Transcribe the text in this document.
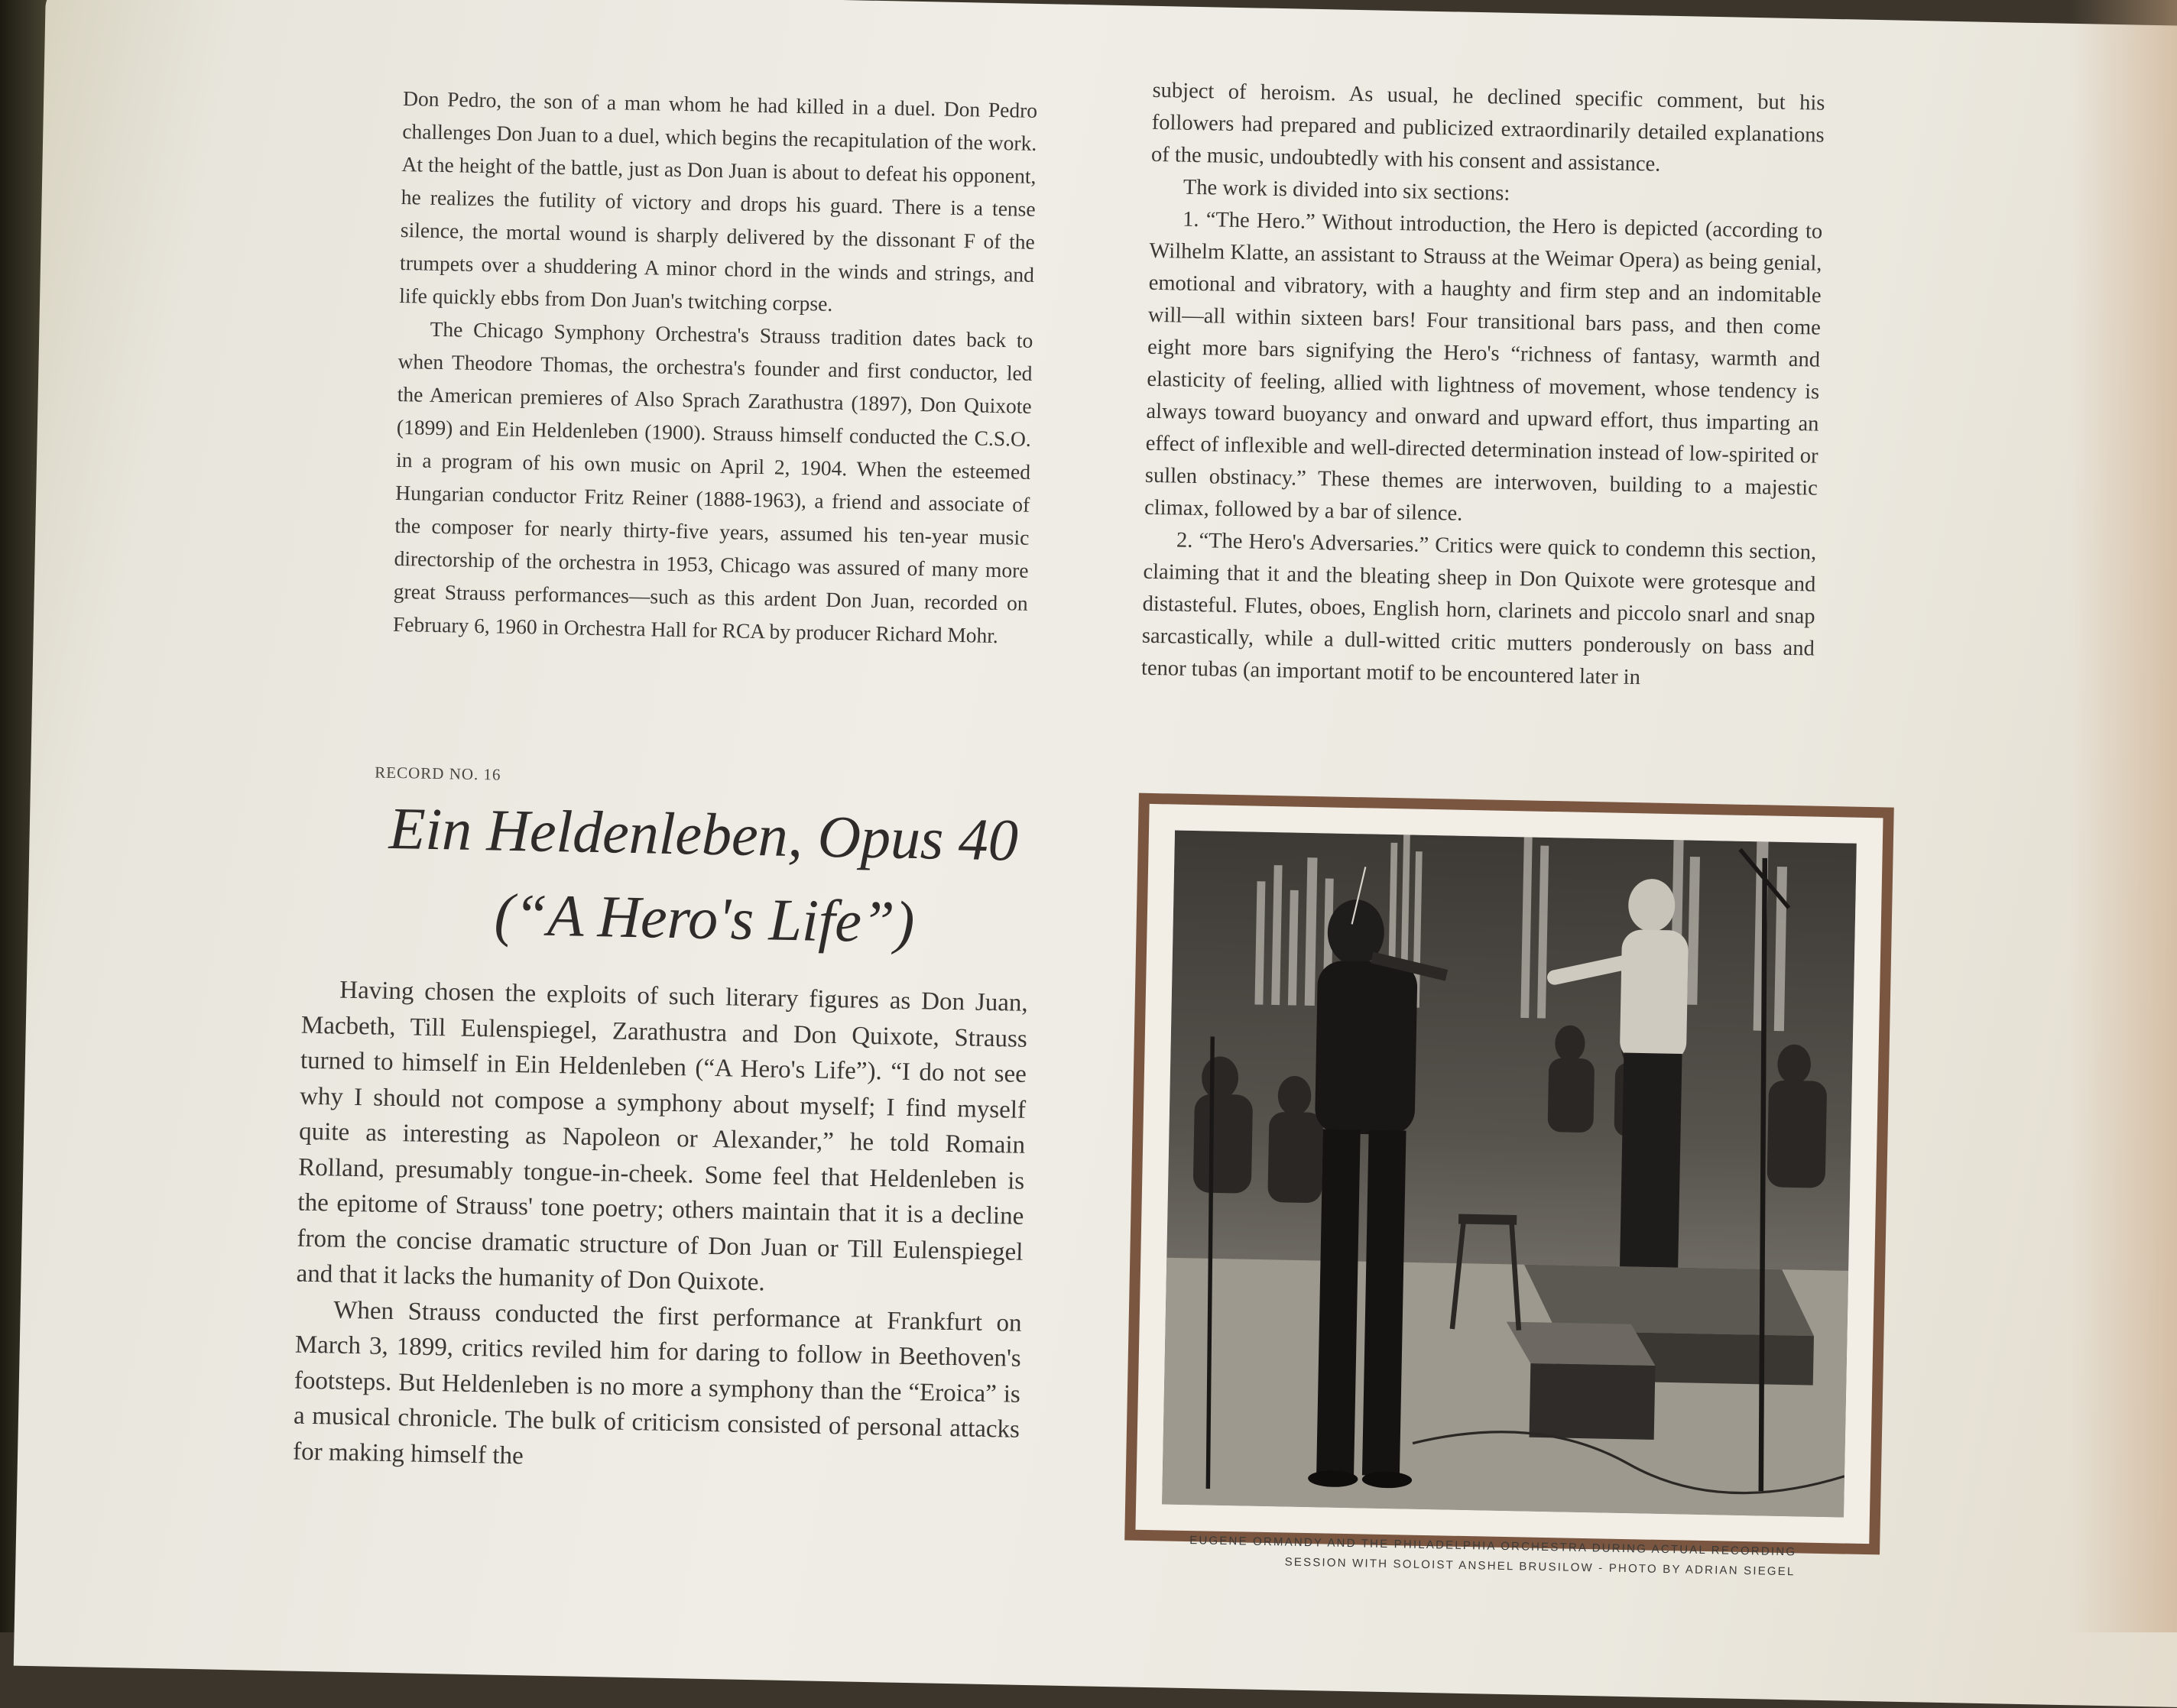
Don Pedro, the son of a man whom he had killed in a duel. Don Pedro challenges Don Juan to a duel, which begins the recapitulation of the work. At the height of the battle, just as Don Juan is about to defeat his opponent, he realizes the futility of victory and drops his guard. There is a tense silence, the mortal wound is sharply delivered by the dissonant F of the trumpets over a shuddering A minor chord in the winds and strings, and life quickly ebbs from Don Juan's twitching corpse.

The Chicago Symphony Orchestra's Strauss tradition dates back to when Theodore Thomas, the orchestra's founder and first conductor, led the American premieres of Also Sprach Zarathustra (1897), Don Quixote (1899) and Ein Heldenleben (1900). Strauss himself conducted the C.S.O. in a program of his own music on April 2, 1904. When the esteemed Hungarian conductor Fritz Reiner (1888-1963), a friend and associate of the composer for nearly thirty-five years, assumed his ten-year music directorship of the orchestra in 1953, Chicago was assured of many more great Strauss performances—such as this ardent Don Juan, recorded on February 6, 1960 in Orchestra Hall for RCA by producer Richard Mohr.

subject of heroism. As usual, he declined specific comment, but his followers had prepared and publicized extraordinarily detailed explanations of the music, undoubtedly with his consent and assistance.

The work is divided into six sections:

1. “The Hero.” Without introduction, the Hero is depicted (according to Wilhelm Klatte, an assistant to Strauss at the Weimar Opera) as being genial, emotional and vibratory, with a haughty and firm step and an indomitable will—all within sixteen bars! Four transitional bars pass, and then come eight more bars signifying the Hero's “richness of fantasy, warmth and elasticity of feeling, allied with lightness of movement, whose tendency is always toward buoyancy and onward and upward effort, thus imparting an effect of inflexible and well-directed determination instead of low-spirited or sullen obstinacy.” These themes are interwoven, building to a majestic climax, followed by a bar of silence.

2. “The Hero's Adversaries.” Critics were quick to condemn this section, claiming that it and the bleating sheep in Don Quixote were grotesque and distasteful. Flutes, oboes, English horn, clarinets and piccolo snarl and snap sarcastically, while a dull-witted critic mutters ponderously on bass and tenor tubas (an important motif to be encountered later in

RECORD NO. 16
Ein Heldenleben, Opus 40
(“A Hero's Life”)

Having chosen the exploits of such literary figures as Don Juan, Macbeth, Till Eulenspiegel, Zarathustra and Don Quixote, Strauss turned to himself in Ein Heldenleben (“A Hero's Life”). “I do not see why I should not compose a symphony about myself; I find myself quite as interesting as Napoleon or Alexander,” he told Romain Rolland, presumably tongue-in-cheek. Some feel that Heldenleben is the epitome of Strauss' tone poetry; others maintain that it is a decline from the concise dramatic structure of Don Juan or Till Eulenspiegel and that it lacks the humanity of Don Quixote.

When Strauss conducted the first performance at Frankfurt on March 3, 1899, critics reviled him for daring to follow in Beethoven's footsteps. But Heldenleben is no more a symphony than the “Eroica” is a musical chronicle. The bulk of criticism consisted of personal attacks for making himself the

EUGENE ORMANDY AND THE PHILADELPHIA ORCHESTRA DURING ACTUAL RECORDING
SESSION WITH SOLOIST ANSHEL BRUSILOW - PHOTO BY ADRIAN SIEGEL
